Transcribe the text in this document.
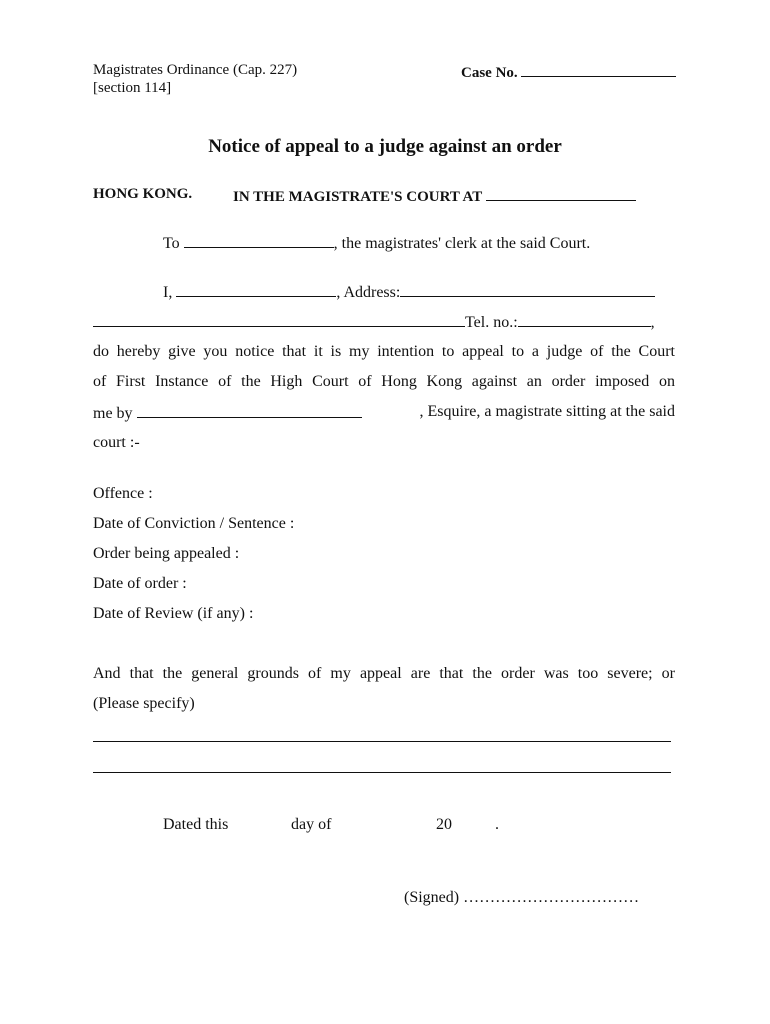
Magistrates Ordinance (Cap. 227)
[section 114]
Case No.
Notice of appeal to a judge against an order
HONG KONG.	IN THE MAGISTRATE'S COURT AT
To	, the magistrates' clerk at the said Court.
I,	, Address:
Tel. no.:	,
do hereby give you notice that it is my intention to appeal to a judge of the Court
of First Instance of the High Court of Hong Kong against an order imposed on
me by	, Esquire, a magistrate sitting at the said
court :-
Offence :
Date of Conviction / Sentence :
Order being appealed :
Date of order :
Date of Review (if any) :
And that the general grounds of my appeal are that the order was too severe; or
(Please specify)
Dated this	day of	20	.
(Signed) ……………………………
